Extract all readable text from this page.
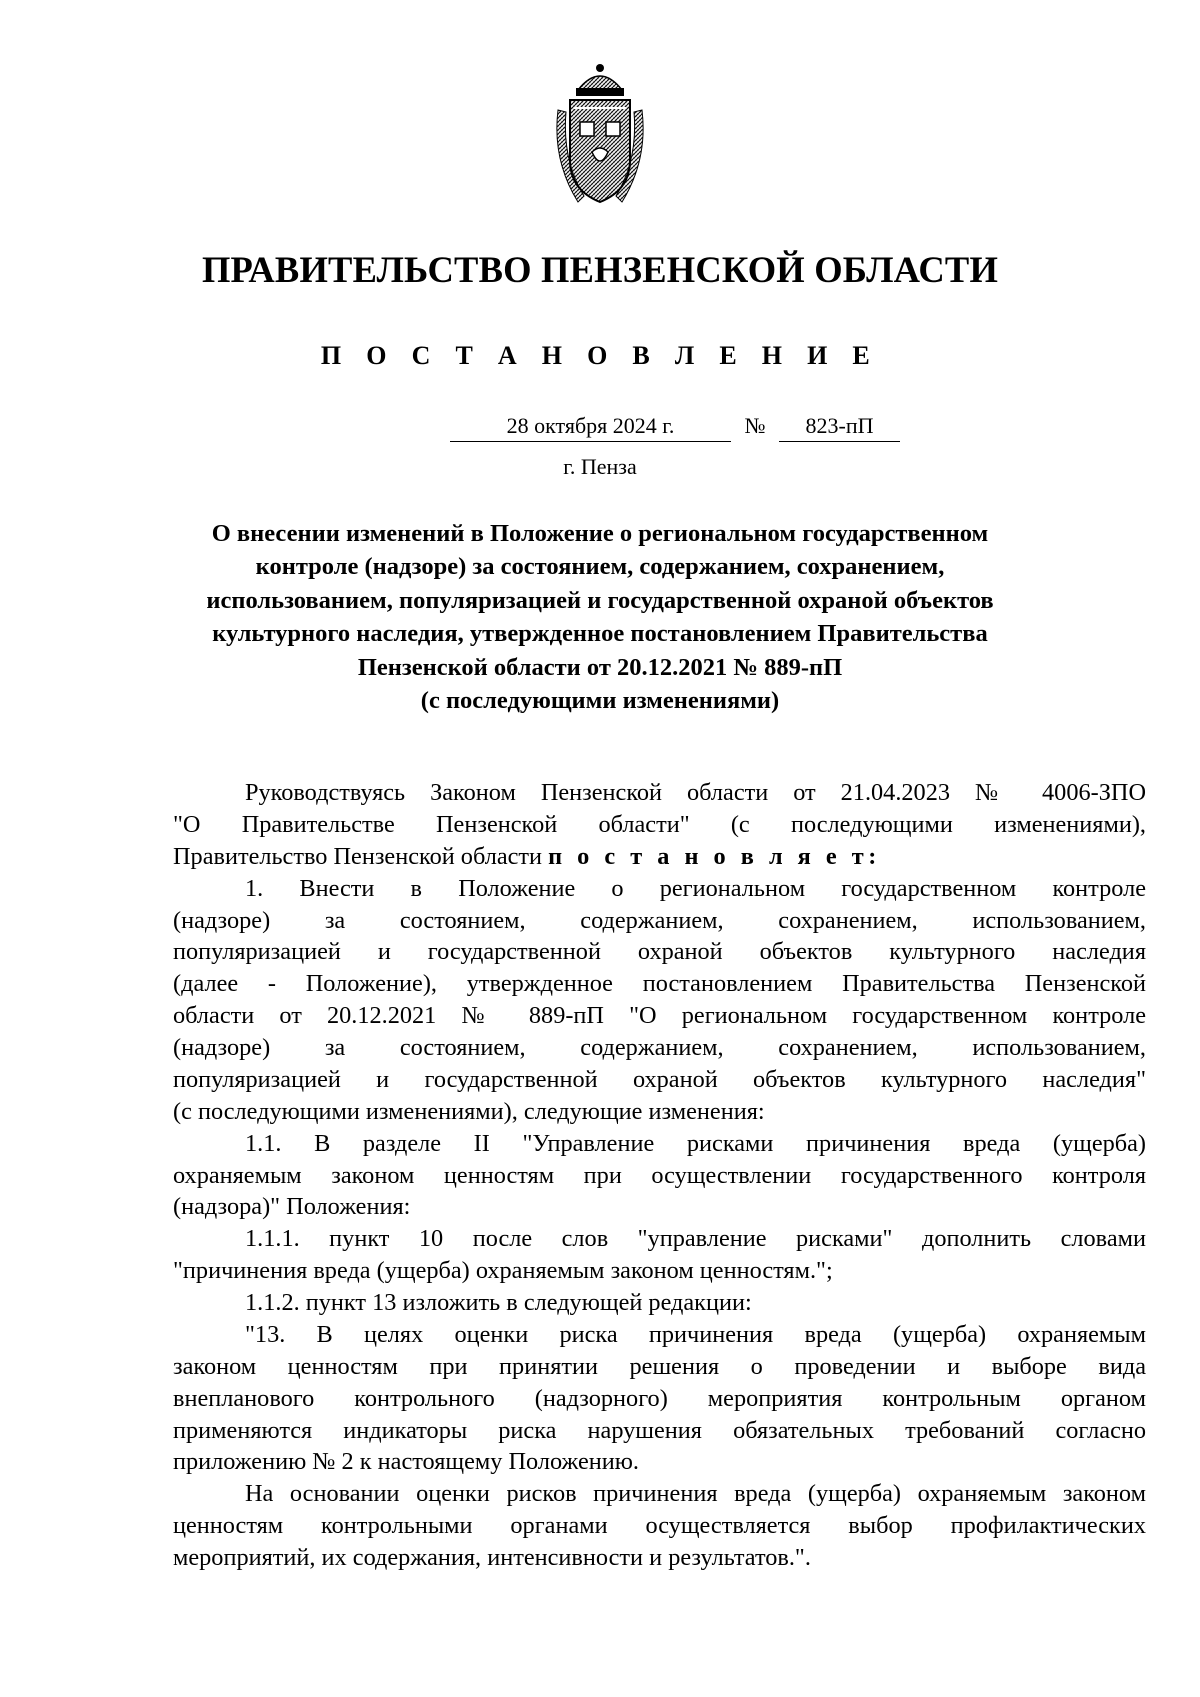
ПРАВИТЕЛЬСТВО ПЕНЗЕНСКОЙ ОБЛАСТИ
П О С Т А Н О В Л Е Н И Е
28 октября 2024 г.	№	823-пП
г. Пенза
О внесении изменений в Положение о региональном государственном
контроле (надзоре) за состоянием, содержанием, сохранением,
использованием, популяризацией и государственной охраной объектов
культурного наследия, утвержденное постановлением Правительства
Пензенской области от 20.12.2021 № 889-пП
(с последующими изменениями)
Руководствуясь Законом Пензенской области от 21.04.2023 № 4006-ЗПО
"О Правительстве Пензенской области" (с последующими изменениями),
Правительство Пензенской области п о с т а н о в л я е т:
1. Внести в Положение о региональном государственном контроле
(надзоре) за состоянием, содержанием, сохранением, использованием,
популяризацией и государственной охраной объектов культурного наследия
(далее - Положение), утвержденное постановлением Правительства Пензенской
области от 20.12.2021 № 889-пП "О региональном государственном контроле
(надзоре) за состоянием, содержанием, сохранением, использованием,
популяризацией и государственной охраной объектов культурного наследия"
(с последующими изменениями), следующие изменения:
1.1. В разделе II "Управление рисками причинения вреда (ущерба)
охраняемым законом ценностям при осуществлении государственного контроля
(надзора)" Положения:
1.1.1. пункт 10 после слов "управление рисками" дополнить словами
"причинения вреда (ущерба) охраняемым законом ценностям.";
1.1.2. пункт 13 изложить в следующей редакции:
"13. В целях оценки риска причинения вреда (ущерба) охраняемым
законом ценностям при принятии решения о проведении и выборе вида
внепланового контрольного (надзорного) мероприятия контрольным органом
применяются индикаторы риска нарушения обязательных требований согласно
приложению № 2 к настоящему Положению.
На основании оценки рисков причинения вреда (ущерба) охраняемым законом
ценностям контрольными органами осуществляется выбор профилактических
мероприятий, их содержания, интенсивности и результатов.".
